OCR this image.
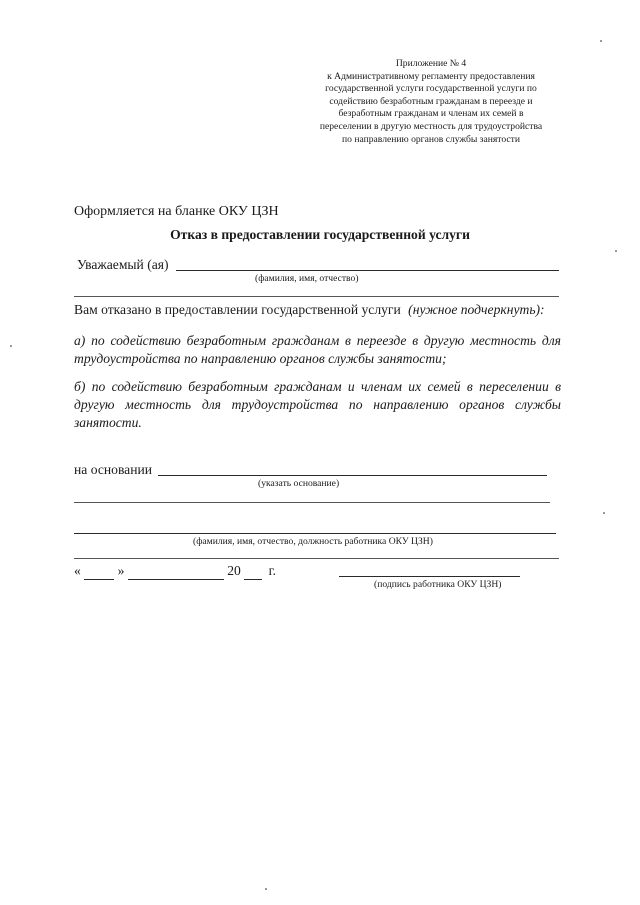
Приложение № 4
к Административному регламенту предоставления
государственной услуги государственной услуги по
содействию безработным гражданам в переезде и
безработным гражданам и членам их семей в
переселении в другую местность для трудоустройства
по направлению органов службы занятости
Оформляется на бланке ОКУ ЦЗН
Отказ в предоставлении государственной услуги
Уважаемый (ая)
(фамилия, имя, отчество)
Вам отказано в предоставлении государственной услуги (нужное подчеркнуть):
а) по содействию безработным гражданам в переезде в другую местность для трудоустройства по направлению органов службы занятости;
б) по содействию безработным гражданам и членам их семей в переселении в другую местность для трудоустройства по направлению органов службы занятости.
на основании
(указать основание)
(фамилия, имя, отчество, должность работника ОКУ ЦЗН)
«	»	20 г.
(подпись работника ОКУ ЦЗН)
